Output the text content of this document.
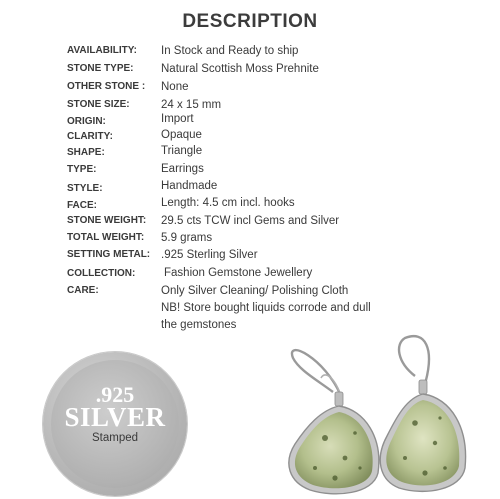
DESCRIPTION
AVAILABILITY:	In Stock and Ready to ship
STONE TYPE:	Natural Scottish Moss Prehnite
OTHER STONE :	None
STONE SIZE:	24 x 15 mm
ORIGIN:	Import
CLARITY:	Opaque
SHAPE:	Triangle
TYPE:	Earrings
STYLE:	Handmade
FACE:	Length: 4.5 cm incl. hooks
STONE WEIGHT:	29.5 cts TCW incl Gems and Silver
TOTAL WEIGHT:	5.9 grams
SETTING METAL: .925 Sterling Silver
COLLECTION:	Fashion Gemstone Jewellery
CARE:	Only Silver Cleaning/ Polishing Cloth
NB! Store bought liquids corrode and dull
the gemstones
.925
SILVER
Stamped
